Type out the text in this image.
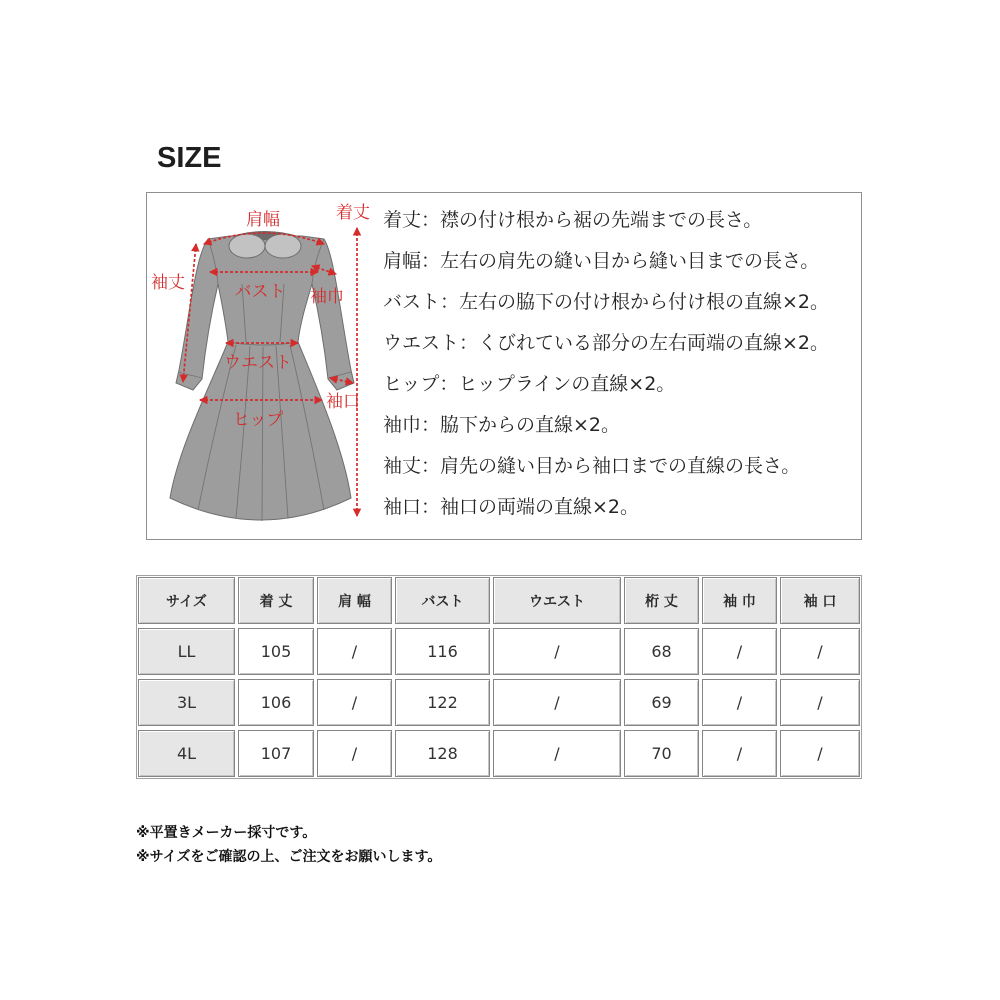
SIZE
肩幅	着丈
袖丈	バスト 袖巾
ウエスト
袖口
ヒップ
着丈：襟の付け根から裾の先端までの長さ。
肩幅：左右の肩先の縫い目から縫い目までの長さ。
バスト：左右の脇下の付け根から付け根の直線×2。
ウエスト：くびれている部分の左右両端の直線×2。
ヒップ：ヒップラインの直線×2。
袖巾：脇下からの直線×2。
袖丈：肩先の縫い目から袖口までの直線の長さ。
袖口：袖口の両端の直線×2。
サイズ	着 丈	肩 幅	バスト	ウエスト	桁 丈	袖 巾	袖 口
LL	105	/	116	/	68	/	/
3L	106	/	122	/	69	/	/
4L	107	/	128	/	70	/	/
※平置きメーカー採寸です。
※サイズをご確認の上、ご注文をお願いします。
